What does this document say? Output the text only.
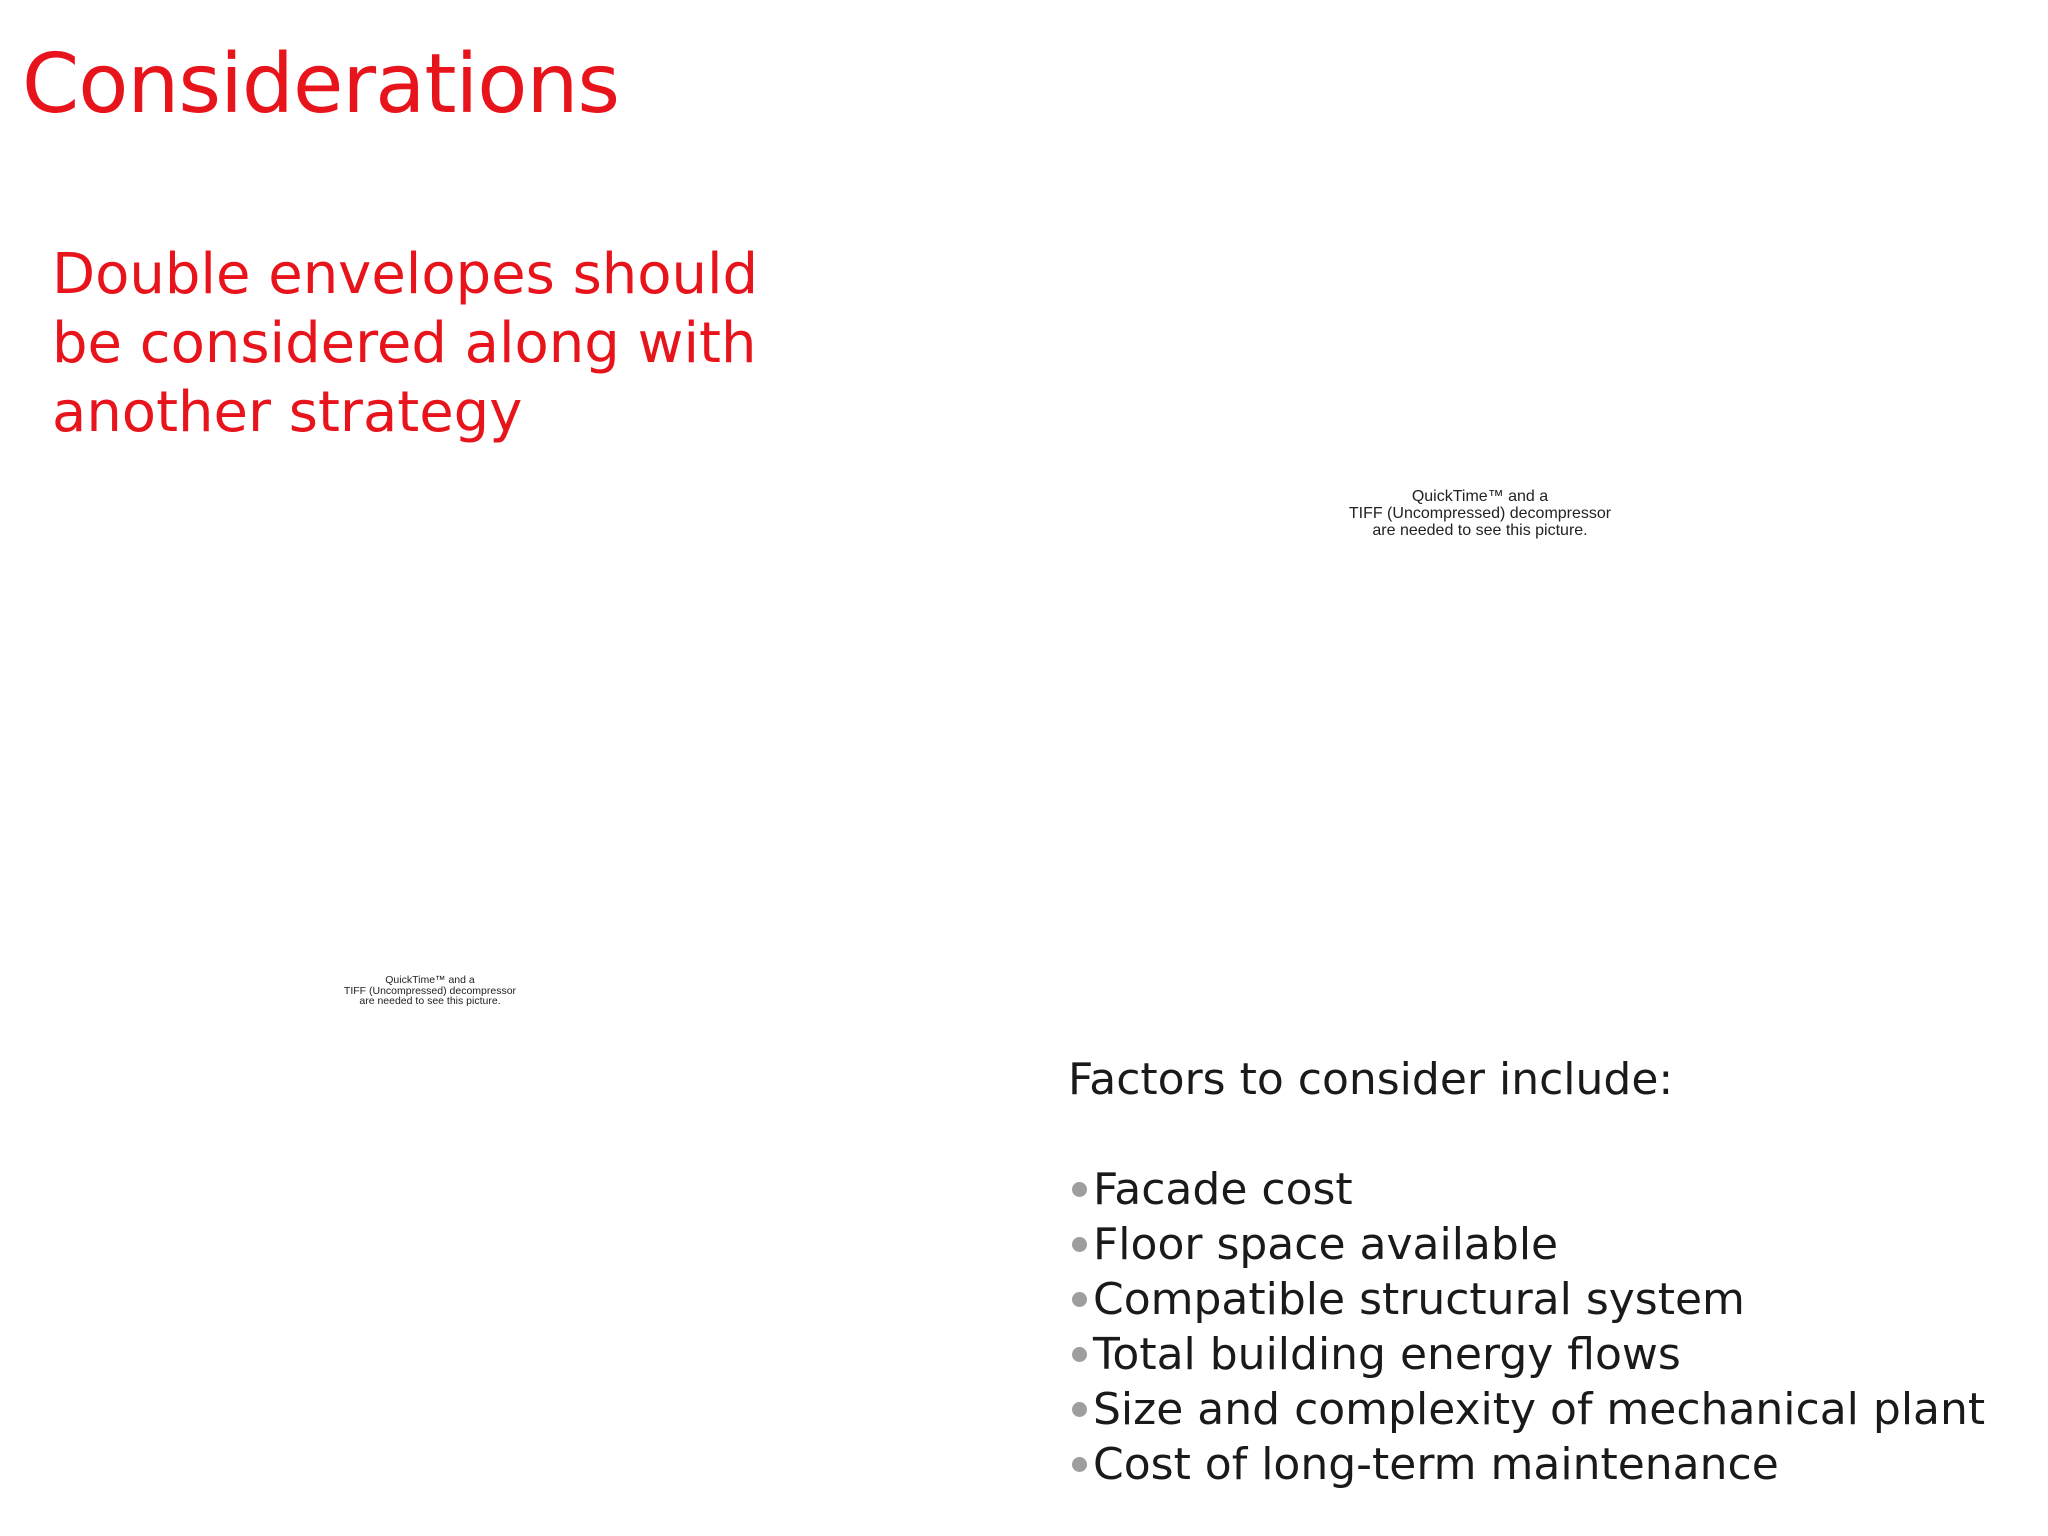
Considerations
Double envelopes should
be considered along with
another strategy
QuickTime™ and a
TIFF (Uncompressed) decompressor
are needed to see this picture.
QuickTime™ and a
TIFF (Uncompressed) decompressor
are needed to see this picture.

Factors to consider include:

Facade cost
Floor space available
Compatible structural system
Total building energy flows
Size and complexity of mechanical plant
Cost of long-term maintenance
